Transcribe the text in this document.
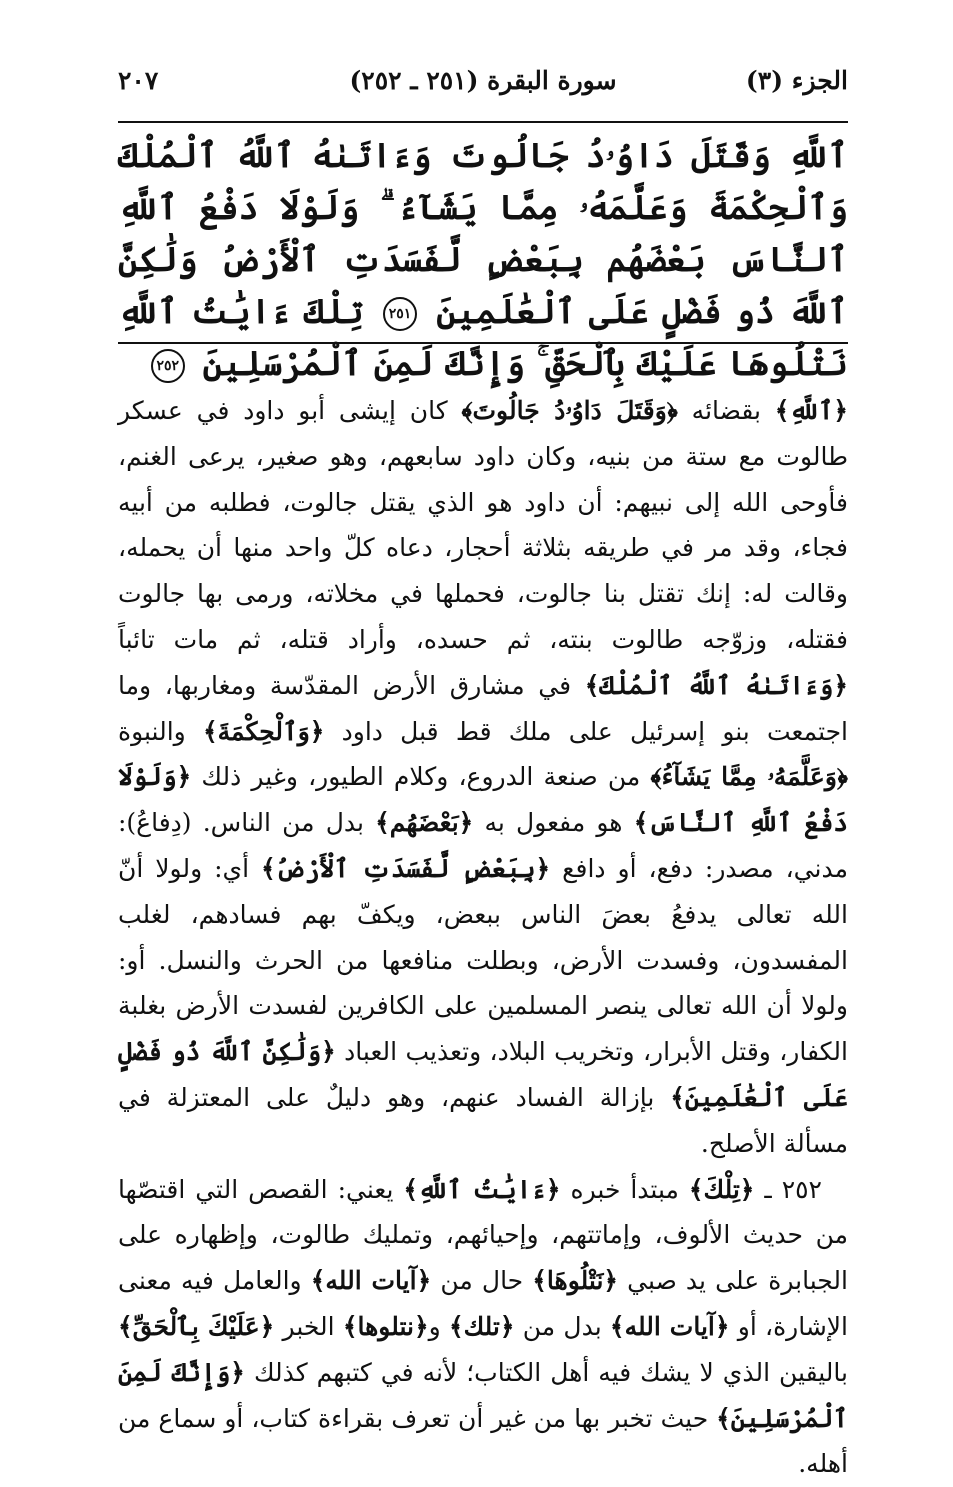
الجزء (٣)
سورة البقرة (٢٥١ ـ ٢٥٢)
٢٠٧
ٱللَّهِ وَقَتَلَ دَاوُۥدُ جَالُوتَ وَءَاتَىٰهُ ٱللَّهُ ٱلْمُلْكَ وَٱلْحِكْمَةَ وَعَلَّمَهُۥ مِمَّا يَشَآءُ ۗ وَلَوْلَا دَفْعُ ٱللَّهِ ٱلنَّاسَ بَعْضَهُم بِبَعْضٍ لَّفَسَدَتِ ٱلْأَرْضُ وَلَٰكِنَّ ٱللَّهَ ذُو فَضْلٍ عَلَى ٱلْعَٰلَمِينَ ٢٥١ تِلْكَ ءَايَٰتُ ٱللَّهِ نَتْلُوهَا عَلَيْكَ بِٱلْحَقِّ ۚ وَإِنَّكَ لَمِنَ ٱلْمُرْسَلِينَ ٢٥٢

﴿ٱللَّهِ﴾ بقضائه ﴿وَقَتَلَ دَاوُۥدُ جَالُوتَ﴾ كان إيشى أبو داود في عسكر طالوت مع ستة من بنيه، وكان داود سابعهم، وهو صغير، يرعى الغنم، فأوحى الله إلى نبيهم: أن داود هو الذي يقتل جالوت، فطلبه من أبيه فجاء، وقد مر في طريقه بثلاثة أحجار، دعاه كلّ واحد منها أن يحمله، وقالت له: إنك تقتل بنا جالوت، فحملها في مخلاته، ورمى بها جالوت فقتله، وزوّجه طالوت بنته، ثم حسده، وأراد قتله، ثم مات تائباً ﴿وَءَاتَىٰهُ ٱللَّهُ ٱلْمُلْكَ﴾ في مشارق الأرض المقدّسة ومغاربها، وما اجتمعت بنو إسرئيل على ملك قط قبل داود ﴿وَٱلْحِكْمَةَ﴾ والنبوة ﴿وَعَلَّمَهُۥ مِمَّا يَشَآءُ﴾ من صنعة الدروع، وكلام الطيور، وغير ذلك ﴿وَلَوْلَا دَفْعُ ٱللَّهِ ٱلنَّاسَ﴾ هو مفعول به ﴿بَعْضَهُم﴾ بدل من الناس. (دِفاعُ): مدني، مصدر: دفع، أو دافع ﴿بِبَعْضٍ لَّفَسَدَتِ ٱلْأَرْضُ﴾ أي: ولولا أنّ الله تعالى يدفعُ بعضَ الناس ببعض، ويكفّ بهم فسادهم، لغلب المفسدون، وفسدت الأرض، وبطلت منافعها من الحرث والنسل. أو: ولولا أن الله تعالى ينصر المسلمين على الكافرين لفسدت الأرض بغلبة الكفار، وقتل الأبرار، وتخريب البلاد، وتعذيب العباد ﴿وَلَٰكِنَّ ٱللَّهَ ذُو فَضْلٍ عَلَى ٱلْعَٰلَمِينَ﴾ بإزالة الفساد عنهم، وهو دليلٌ على المعتزلة في مسألة الأصلح.

٢٥٢ ـ ﴿تِلْكَ﴾ مبتدأ خبره ﴿ءَايَٰتُ ٱللَّهِ﴾ يعني: القصص التي اقتصّها من حديث الألوف، وإماتتهم، وإحيائهم، وتمليك طالوت، وإظهاره على الجبابرة على يد صبي ﴿نَتْلُوهَا﴾ حال من ﴿آيات الله﴾ والعامل فيه معنى الإشارة، أو ﴿آيات الله﴾ بدل من ﴿تلك﴾ و﴿نتلوها﴾ الخبر ﴿عَلَيْكَ بِٱلْحَقِّ﴾ باليقين الذي لا يشك فيه أهل الكتاب؛ لأنه في كتبهم كذلك ﴿وَإِنَّكَ لَمِنَ ٱلْمُرْسَلِينَ﴾ حيث تخبر بها من غير أن تعرف بقراءة كتاب، أو سماع من أهله.
